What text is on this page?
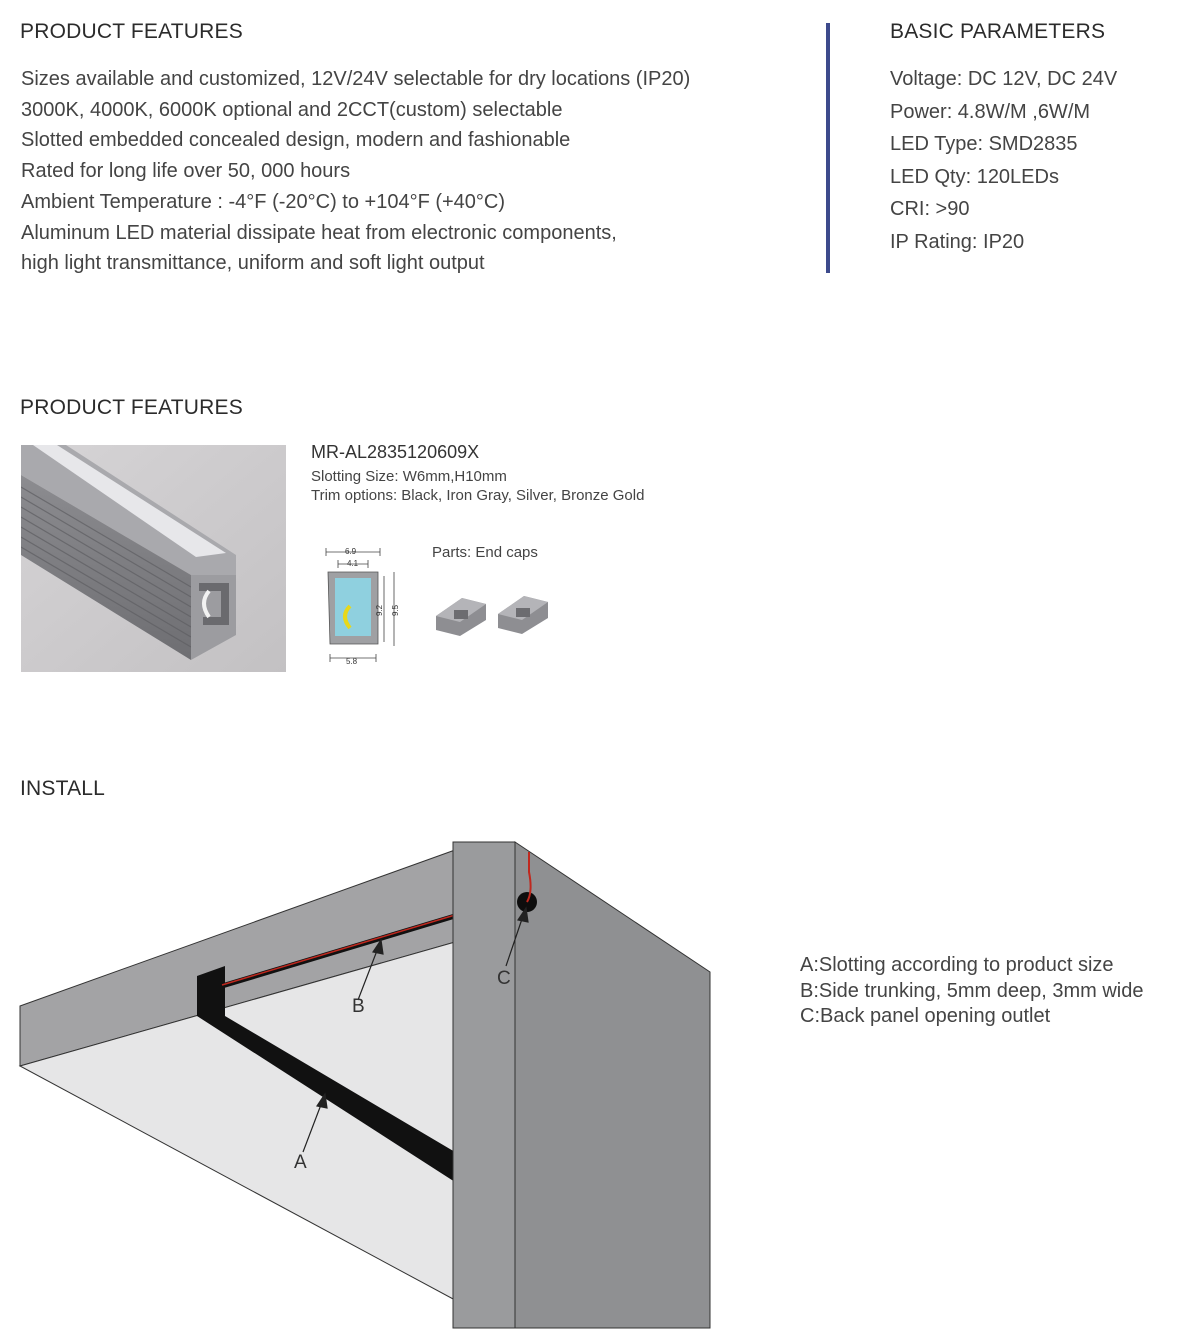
PRODUCT FEATURES
Sizes available and customized, 12V/24V selectable for dry locations (IP20)
3000K, 4000K, 6000K optional and 2CCT(custom) selectable
Slotted embedded concealed design, modern and fashionable
Rated for long life over 50, 000 hours
Ambient Temperature : -4°F (-20°C) to +104°F (+40°C)
Aluminum LED material dissipate heat from electronic components,
high light transmittance, uniform and soft light output
BASIC PARAMETERS
Voltage: DC 12V, DC 24V
Power: 4.8W/M ,6W/M
LED Type: SMD2835
LED Qty: 120LEDs
CRI: >90
IP Rating: IP20
PRODUCT FEATURES
MR-AL2835120609X
Slotting Size: W6mm,H10mm
Trim options: Black, Iron Gray, Silver, Bronze Gold
6.9
4.1
9.2 9.5
5.8
Parts: End caps
INSTALL
B
A
C
A:Slotting according to product size
B:Side trunking, 5mm deep, 3mm wide
C:Back panel opening outlet
